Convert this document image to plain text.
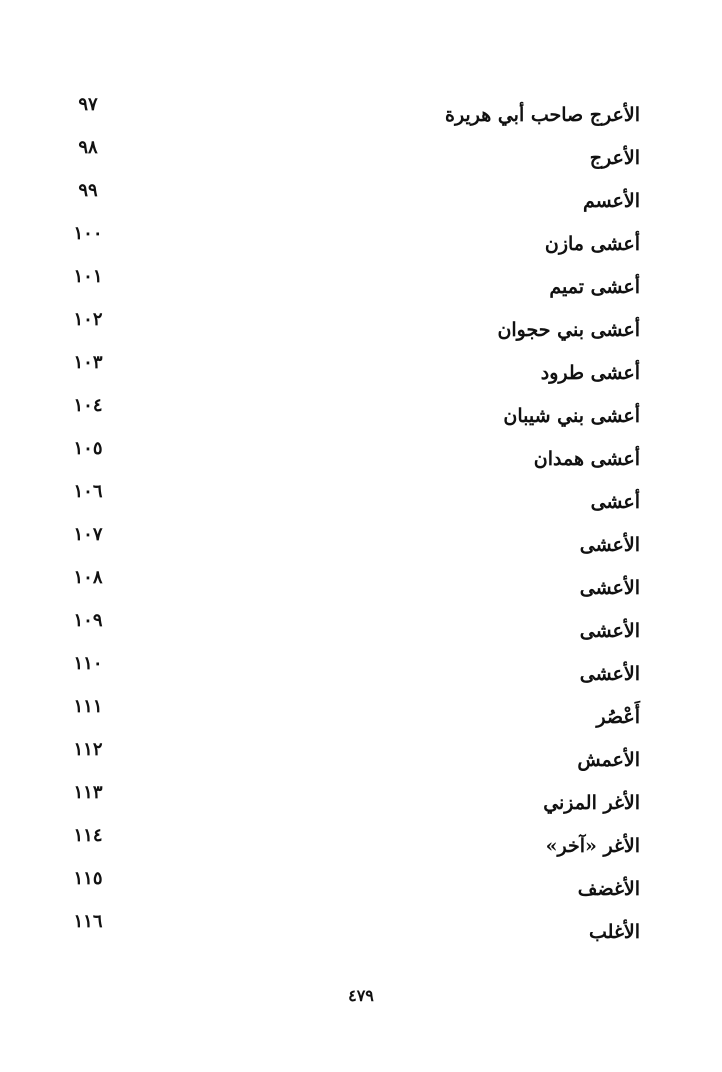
الأعرج صاحب أبي هريرة
٩٧
الأعرج
٩٨
الأعسم
٩٩
أعشى مازن
١٠٠
أعشى تميم
١٠١
أعشى بني حجوان
١٠٢
أعشى طرود
١٠٣
أعشى بني شيبان
١٠٤
أعشى همدان
١٠٥
أعشى
١٠٦
الأعشى
١٠٧
الأعشى
١٠٨
الأعشى
١٠٩
الأعشى
١١٠
أَعْصُر
١١١
الأعمش
١١٢
الأغر المزني
١١٣
الأغر «آخر»
١١٤
الأغضف
١١٥
الأغلب
١١٦
٤٧٩
